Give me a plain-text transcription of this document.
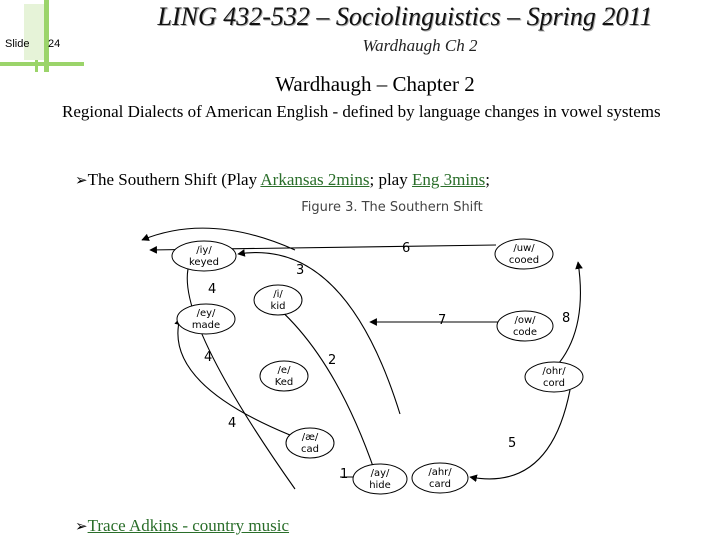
Slide 24
LING 432-532 – Sociolinguistics – Spring 2011
Wardhaugh Ch 2
Wardhaugh – Chapter 2
Regional Dialects of American English - defined by language changes in vowel systems
➢The Southern Shift (Play Arkansas 2mins; play Eng 3mins;
Figure 3. The Southern Shift
6
3
4
7	8
4	2
4
5
1
/iy/
keyed
/uw/
cooed
/i/
kid
/ey/
made	/ow/
code
/ohr/
cord
/e/
Ked
/æ/
cad
/ay/
hide
/ahr/
card
➢Trace Adkins - country music
